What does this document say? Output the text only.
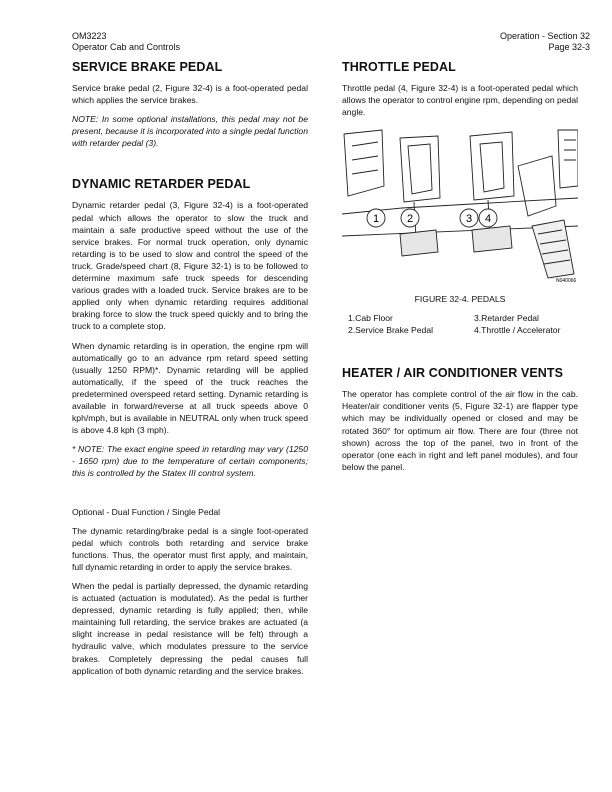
OM3223
Operator Cab and Controls
Operation - Section 32
Page 32-3
SERVICE BRAKE PEDAL

Service brake pedal (2, Figure 32-4) is a foot-operated pedal which applies the service brakes.

NOTE: In some optional installations, this pedal may not be present, because it is incorporated into a single pedal function with retarder pedal (3).

DYNAMIC RETARDER PEDAL

Dynamic retarder pedal (3, Figure 32-4) is a foot-operated pedal which allows the operator to slow the truck and maintain a safe productive speed without the use of the service brakes. For normal truck operation, only dynamic retarding is to be used to slow and control the speed of the truck. Grade/speed chart (8, Figure 32-1) is to be followed to determine maximum safe truck speeds for descending various grades with a loaded truck. Service brakes are to be applied only when dynamic retarding requires additional braking force to slow the truck speed quickly and to bring the truck to a complete stop.

When dynamic retarding is in operation, the engine rpm will automatically go to an advance rpm retard speed setting (usually 1250 RPM)*. Dynamic retarding will be applied automatically, if the speed of the truck reaches the predetermined overspeed retard setting. Dynamic retarding is available in forward/reverse at all truck speeds above 0 kph/mph, but is available in NEUTRAL only when truck speed is above 4.8 kph (3 mph).

* NOTE: The exact engine speed in retarding may vary (1250 - 1650 rpm) due to the temperature of certain components; this is controlled by the Statex III control system.

Optional - Dual Function / Single Pedal

The dynamic retarding/brake pedal is a single foot-operated pedal which controls both retarding and service brake functions. Thus, the operator must first apply, and maintain, full dynamic retarding in order to apply the service brakes.

When the pedal is partially depressed, the dynamic retarding is actuated (actuation is modulated). As the pedal is further depressed, dynamic retarding is fully applied; then, while maintaining full retarding, the service brakes are actuated (a slight increase in pedal resistance will be felt) through a hydraulic valve, which modulates pressure to the service brakes. Completely depressing the pedal causes full application of both dynamic retarding and the service brakes.

THROTTLE PEDAL

Throttle pedal (4, Figure 32-4) is a foot-operated pedal which allows the operator to control engine rpm, depending on pedal angle.

1	2	3 4
N040066
FIGURE 32-4. PEDALS
1.Cab Floor	3.Retarder Pedal
2.Service Brake Pedal	4.Throttle / Accelerator
HEATER / AIR CONDITIONER VENTS

The operator has complete control of the air flow in the cab. Heater/air conditioner vents (5, Figure 32-1) are flapper type which may be individually opened or closed and may be rotated 360° for optimum air flow. There are four (three not shown) across the top of the panel, two in front of the operator (one each in right and left panel modules), and four below the panel.
